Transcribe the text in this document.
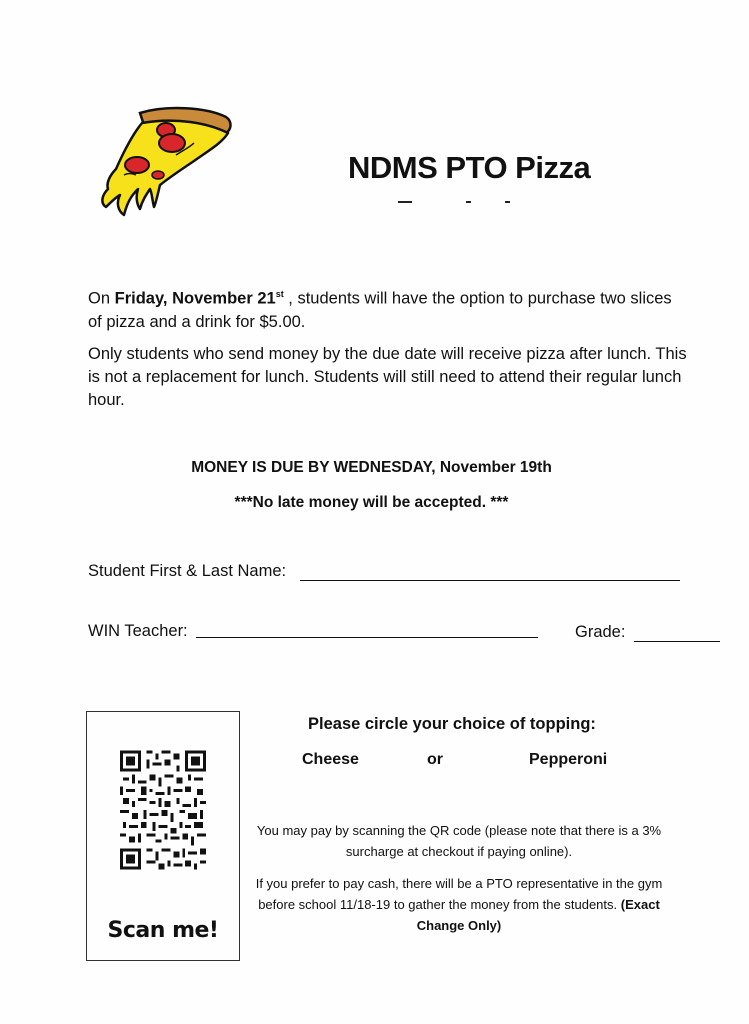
NDMS PTO Pizza
On Friday, November 21st , students will have the option to purchase two slices of pizza and a drink for $5.00.
Only students who send money by the due date will receive pizza after lunch. This is not a replacement for lunch. Students will still need to attend their regular lunch hour.
MONEY IS DUE BY WEDNESDAY, November 19th
***No late money will be accepted. ***
Student First & Last Name:
WIN Teacher:	Grade:
Scan me!
Please circle your choice of topping:
Cheese	or	Pepperoni
You may pay by scanning the QR code (please note that there is a 3% surcharge at checkout if paying online).
If you prefer to pay cash, there will be a PTO representative in the gym before school 11/18-19 to gather the money from the students. (Exact Change Only)
